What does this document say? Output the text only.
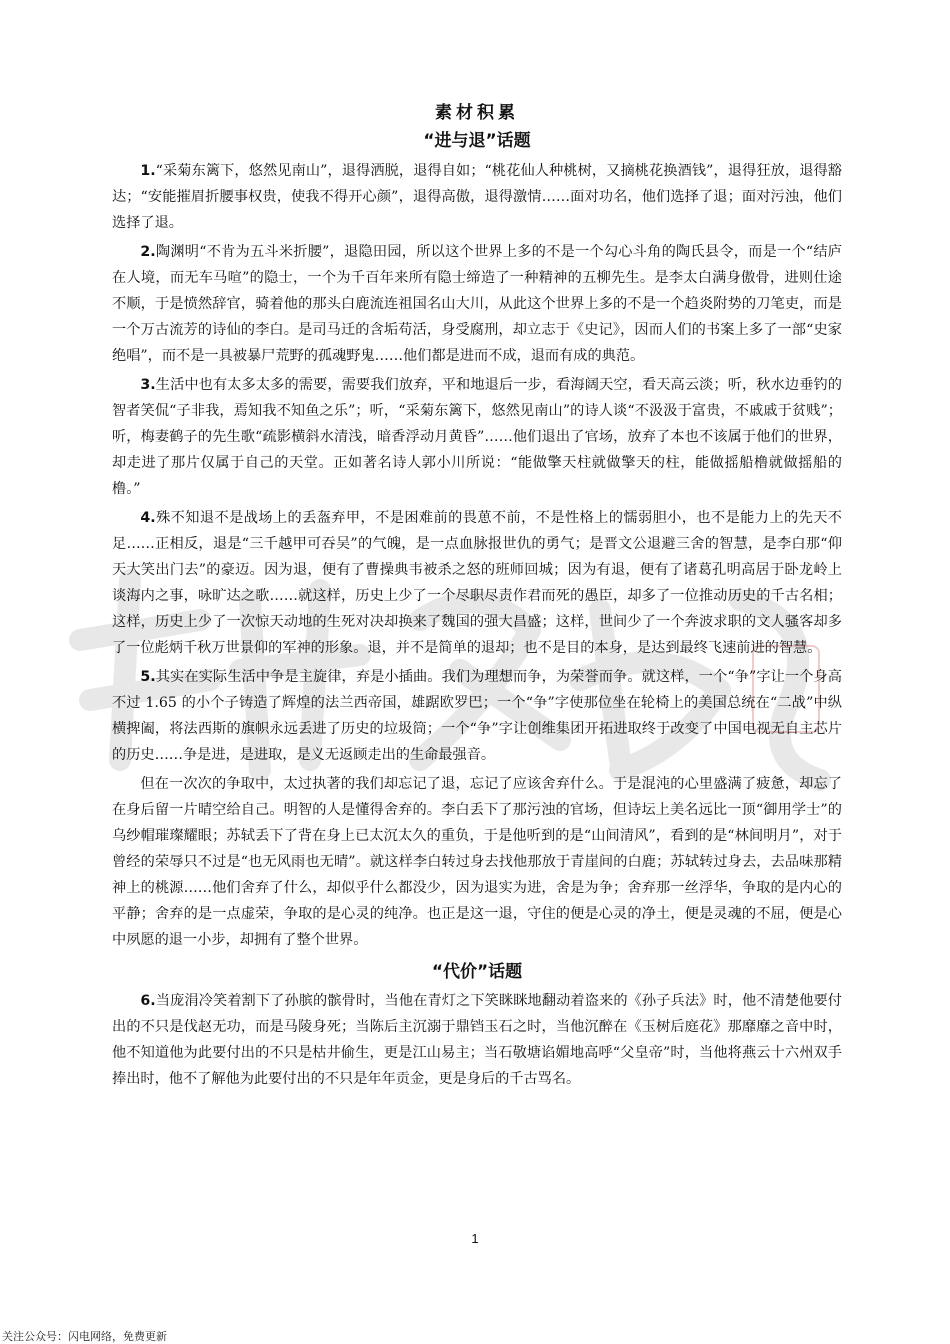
素材积累
“进与退”话题

1.“采菊东篱下，悠然见南山”，退得洒脱，退得自如；“桃花仙人种桃树，又摘桃花换酒钱”，退得狂放，退得豁达；“安能摧眉折腰事权贵，使我不得开心颜”，退得高傲，退得激情……面对功名，他们选择了退；面对污浊，他们选择了退。

2.陶渊明“不肯为五斗米折腰”，退隐田园，所以这个世界上多的不是一个勾心斗角的陶氏县令，而是一个“结庐在人境，而无车马喧”的隐士，一个为千百年来所有隐士缔造了一种精神的五柳先生。是李太白满身傲骨，进则仕途不顺，于是愤然辞官，骑着他的那头白鹿流连祖国名山大川，从此这个世界上多的不是一个趋炎附势的刀笔吏，而是一个万古流芳的诗仙的李白。是司马迁的含垢苟活，身受腐刑，却立志于《史记》，因而人们的书案上多了一部“史家绝唱”，而不是一具被暴尸荒野的孤魂野鬼……他们都是进而不成，退而有成的典范。

3.生活中也有太多太多的需要，需要我们放弃，平和地退后一步，看海阔天空，看天高云淡；听，秋水边垂钓的智者笑侃“子非我，焉知我不知鱼之乐”；听，“采菊东篱下，悠然见南山”的诗人谈“不汲汲于富贵，不戚戚于贫贱”；听，梅妻鹤子的先生歌“疏影横斜水清浅，暗香浮动月黄昏”……他们退出了官场，放弃了本也不该属于他们的世界，却走进了那片仅属于自己的天堂。正如著名诗人郭小川所说：“能做擎天柱就做擎天的柱，能做摇船橹就做摇船的橹。”

4.殊不知退不是战场上的丢盔弃甲，不是困难前的畏葸不前，不是性格上的懦弱胆小，也不是能力上的先天不足……正相反，退是“三千越甲可吞吴”的气魄，是一点血脉报世仇的勇气；是晋文公退避三舍的智慧，是李白那“仰天大笑出门去”的豪迈。因为退，便有了曹操典韦被杀之怒的班师回城；因为有退，便有了诸葛孔明高居于卧龙岭上谈海内之事，咏旷达之歌……就这样，历史上少了一个尽职尽责作君而死的愚臣，却多了一位推动历史的千古名相；这样，历史上少了一次惊天动地的生死对决却换来了魏国的强大昌盛；这样，世间少了一个奔波求职的文人骚客却多了一位彪炳千秋万世景仰的军神的形象。退，并不是简单的退却；也不是目的本身，是达到最终飞速前进的智慧。

5.其实在实际生活中争是主旋律，弃是小插曲。我们为理想而争，为荣誉而争。就这样，一个“争”字让一个身高不过 1.65 的小个子铸造了辉煌的法兰西帝国，雄踞欧罗巴；一个“争”字使那位坐在轮椅上的美国总统在“二战”中纵横捭阖，将法西斯的旗帜永远丢进了历史的垃圾筒；一个“争”字让创维集团开拓进取终于改变了中国电视无自主芯片的历史……争是进，是进取，是义无返顾走出的生命最强音。

但在一次次的争取中，太过执著的我们却忘记了退，忘记了应该舍弃什么。于是混沌的心里盛满了疲惫，却忘了在身后留一片晴空给自己。明智的人是懂得舍弃的。李白丢下了那污浊的官场，但诗坛上美名远比一顶“御用学士”的乌纱帽璀璨耀眼；苏轼丢下了背在身上已太沉太久的重负，于是他听到的是“山间清风”，看到的是“林间明月”，对于曾经的荣辱只不过是“也无风雨也无晴”。就这样李白转过身去找他那放于青崖间的白鹿；苏轼转过身去，去品味那精神上的桃源……他们舍弃了什么，却似乎什么都没少，因为退实为进，舍是为争；舍弃那一丝浮华，争取的是内心的平静；舍弃的是一点虚荣，争取的是心灵的纯净。也正是这一退，守住的便是心灵的净土，便是灵魂的不屈，便是心中夙愿的退一小步，却拥有了整个世界。

“代价”话题

6.当庞涓冷笑着割下了孙膑的髌骨时，当他在青灯之下笑眯眯地翻动着盗来的《孙子兵法》时，他不清楚他要付出的不只是伐赵无功，而是马陵身死；当陈后主沉溺于鼎铛玉石之时，当他沉醉在《玉树后庭花》那靡靡之音中时，他不知道他为此要付出的不只是枯井偷生，更是江山易主；当石敬塘谄媚地高呼“父皇帝”时，当他将燕云十六州双手捧出时，他不了解他为此要付出的不只是年年贡金，更是身后的千古骂名。

1
关注公众号：闪电网络，免费更新
